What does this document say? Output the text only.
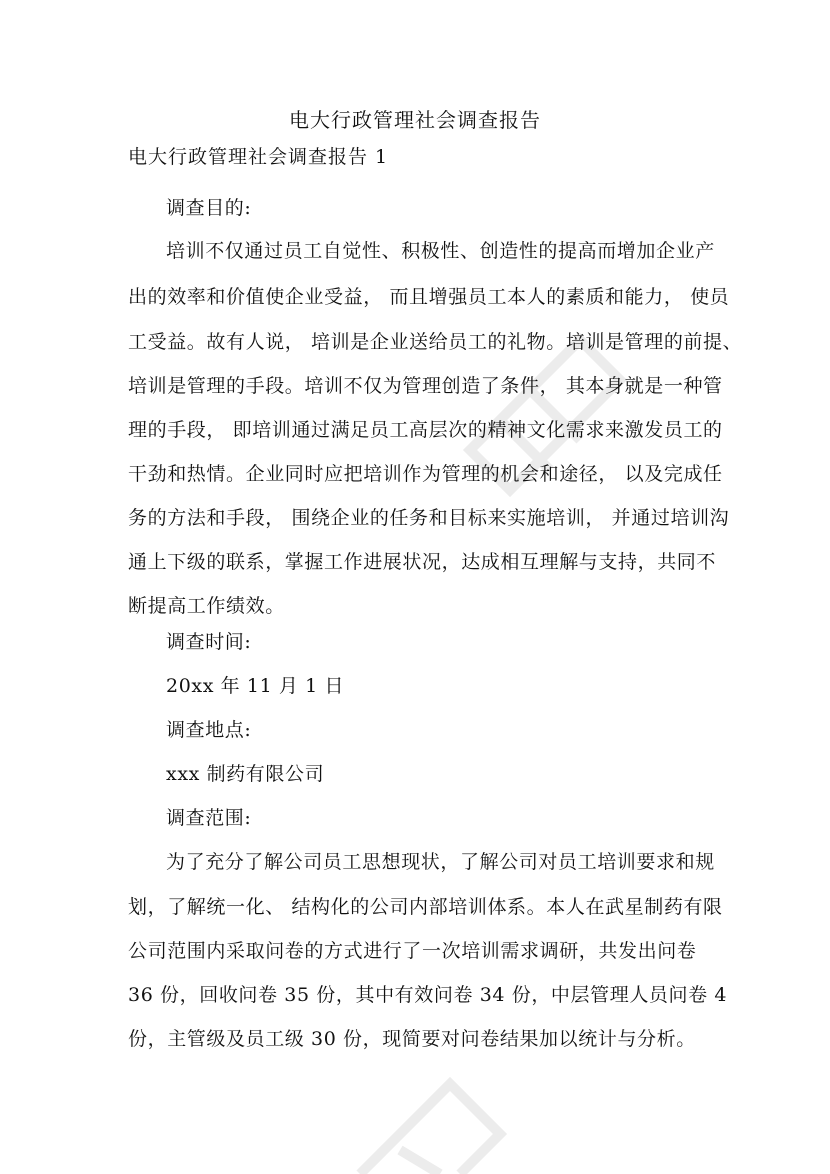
电大行政管理社会调查报告
电大行政管理社会调查报告 1
调查目的:
培训不仅通过员工自觉性、积极性、创造性的提高而增加企业产
出的效率和价值使企业受益， 而且增强员工本人的素质和能力， 使员
工受益。故有人说， 培训是企业送给员工的礼物。培训是管理的前提、
培训是管理的手段。培训不仅为管理创造了条件， 其本身就是一种管
理的手段， 即培训通过满足员工高层次的精神文化需求来激发员工的
干劲和热情。企业同时应把培训作为管理的机会和途径， 以及完成任
务的方法和手段， 围绕企业的任务和目标来实施培训， 并通过培训沟
通上下级的联系，掌握工作进展状况，达成相互理解与支持，共同不
断提高工作绩效。
调查时间:
20xx 年 11 月 1 日
调查地点:
xxx 制药有限公司
调查范围:
为了充分了解公司员工思想现状，了解公司对员工培训要求和规
划，了解统一化、 结构化的公司内部培训体系。本人在武星制药有限
公司范围内采取问卷的方式进行了一次培训需求调研，共发出问卷
36 份，回收问卷 35 份，其中有效问卷 34 份，中层管理人员问卷 4
份，主管级及员工级 30 份，现简要对问卷结果加以统计与分析。
